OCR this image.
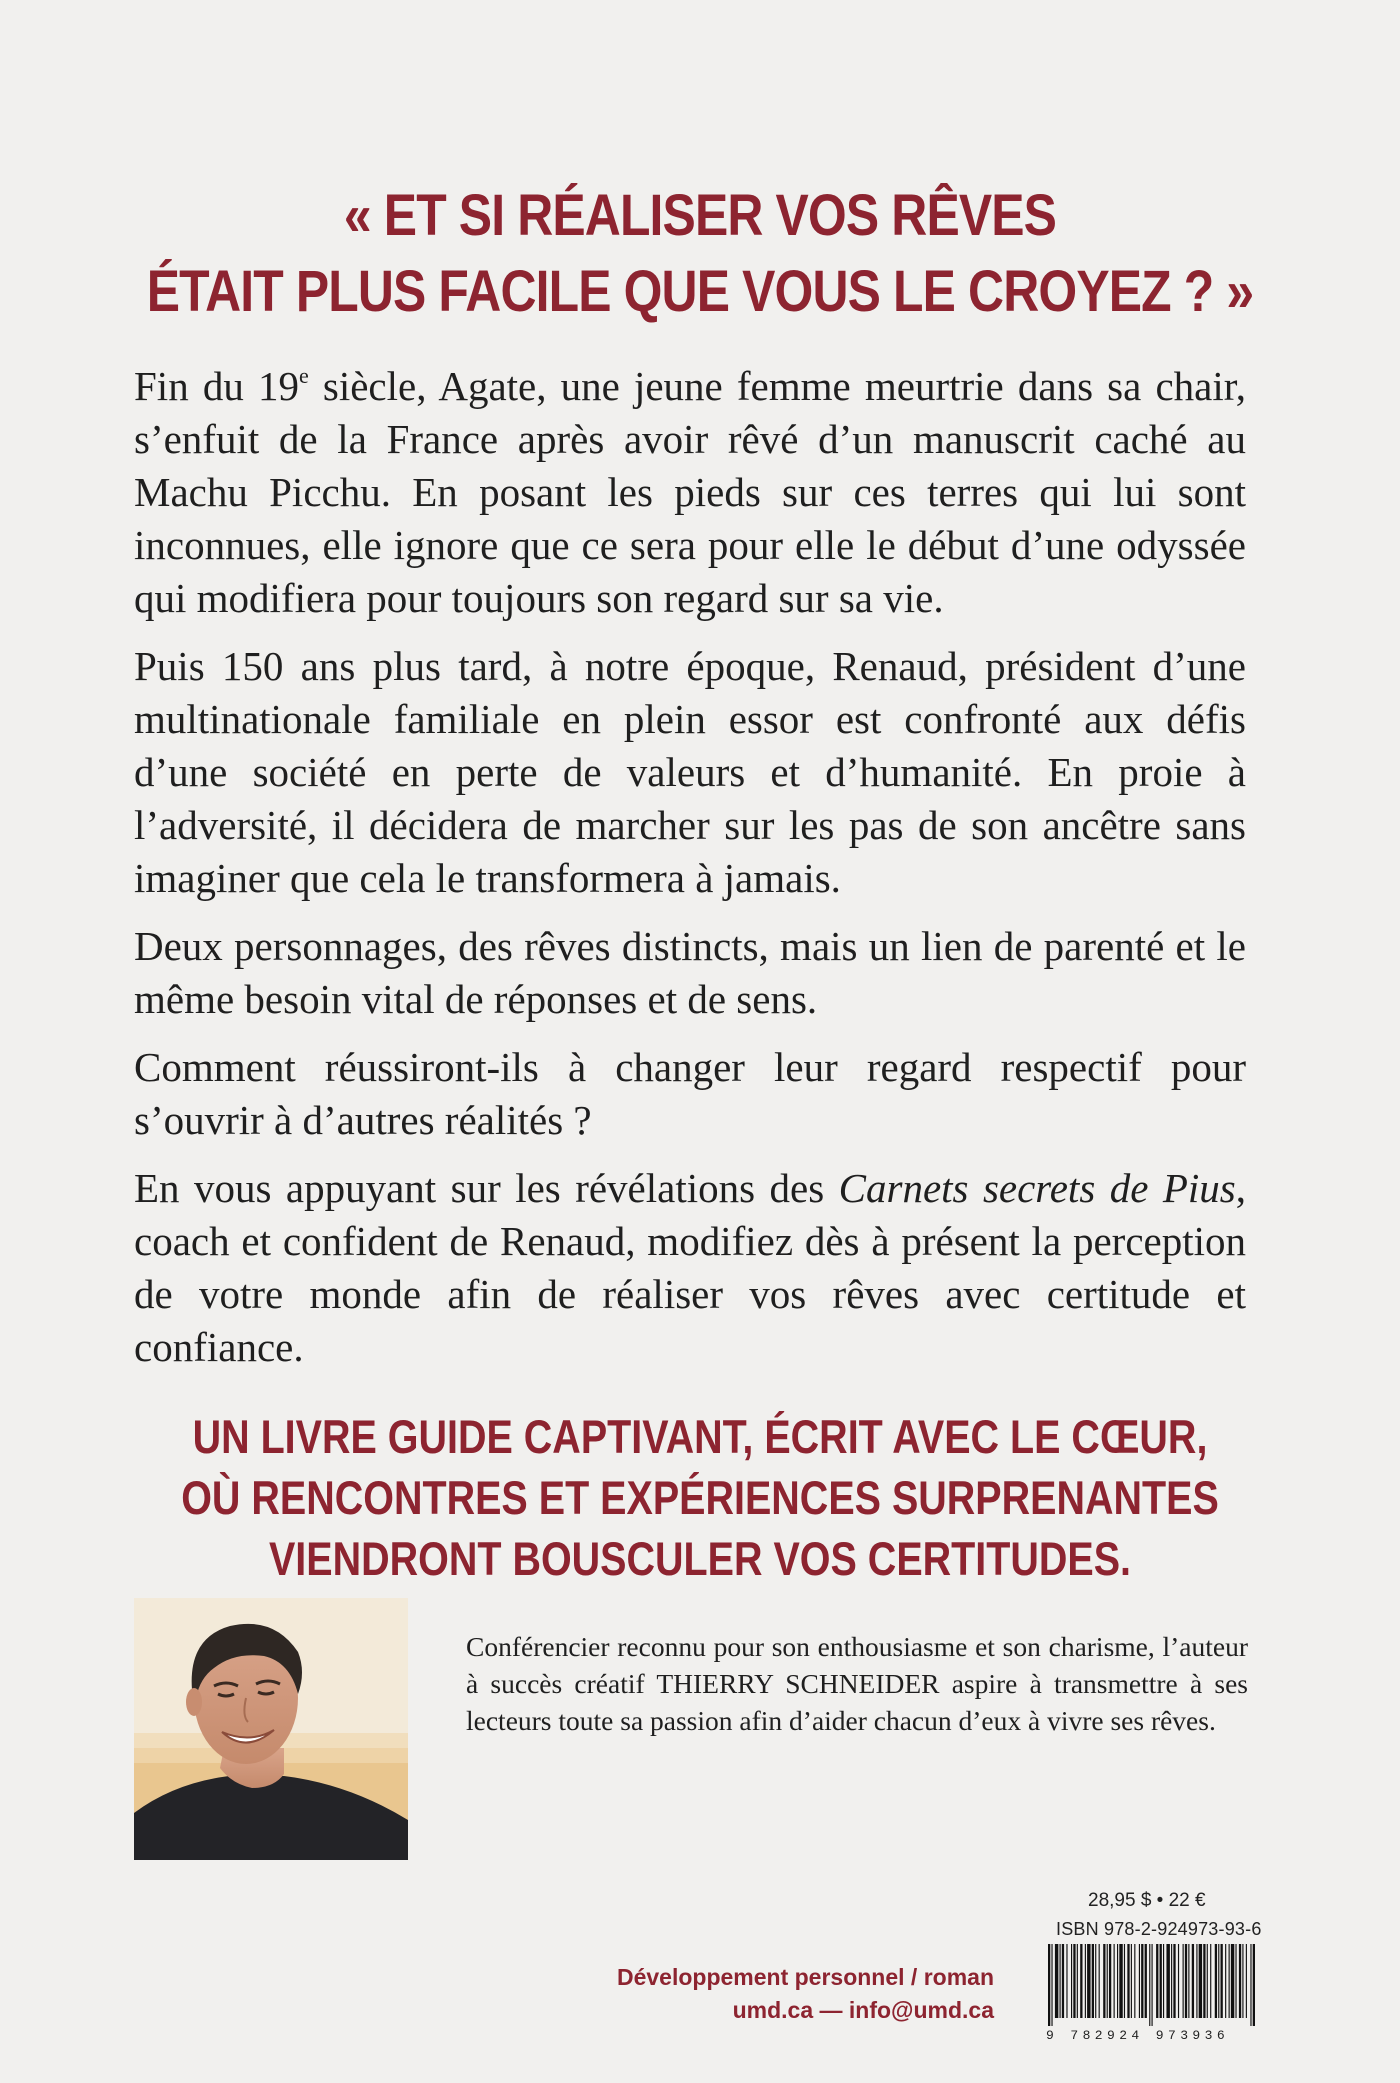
« ET SI RÉALISER VOS RÊVES
ÉTAIT PLUS FACILE QUE VOUS LE CROYEZ ? »

Fin du 19e siècle, Agate, une jeune femme meurtrie dans sa chair, s’enfuit de la France après avoir rêvé d’un manuscrit caché au Machu Picchu. En posant les pieds sur ces terres qui lui sont inconnues, elle ignore que ce sera pour elle le début d’une odyssée qui modifiera pour toujours son regard sur sa vie.

Puis 150 ans plus tard, à notre époque, Renaud, président d’une multinationale familiale en plein essor est confronté aux défis d’une société en perte de valeurs et d’humanité. En proie à l’adversité, il décidera de marcher sur les pas de son ancêtre sans imaginer que cela le transformera à jamais.

Deux personnages, des rêves distincts, mais un lien de parenté et le même besoin vital de réponses et de sens.

Comment réussiront-ils à changer leur regard respectif pour s’ouvrir à d’autres réalités ?

En vous appuyant sur les révélations des Carnets secrets de Pius, coach et confident de Renaud, modifiez dès à présent la perception de votre monde afin de réaliser vos rêves avec certitude et confiance.

UN LIVRE GUIDE CAPTIVANT, ÉCRIT AVEC LE CŒUR,
OÙ RENCONTRES ET EXPÉRIENCES SURPRENANTES
VIENDRONT BOUSCULER VOS CERTITUDES.
Conférencier reconnu pour son enthousiasme et son charisme, l’auteur à succès créatif THIERRY SCHNEIDER aspire à transmettre à ses lecteurs toute sa passion afin d’aider chacun d’eux à vivre ses rêves.
28,95 $ • 22 €
ISBN 978-2-924973-93-6
9 782924 973936
Développement personnel / roman
umd.ca — info@umd.ca
